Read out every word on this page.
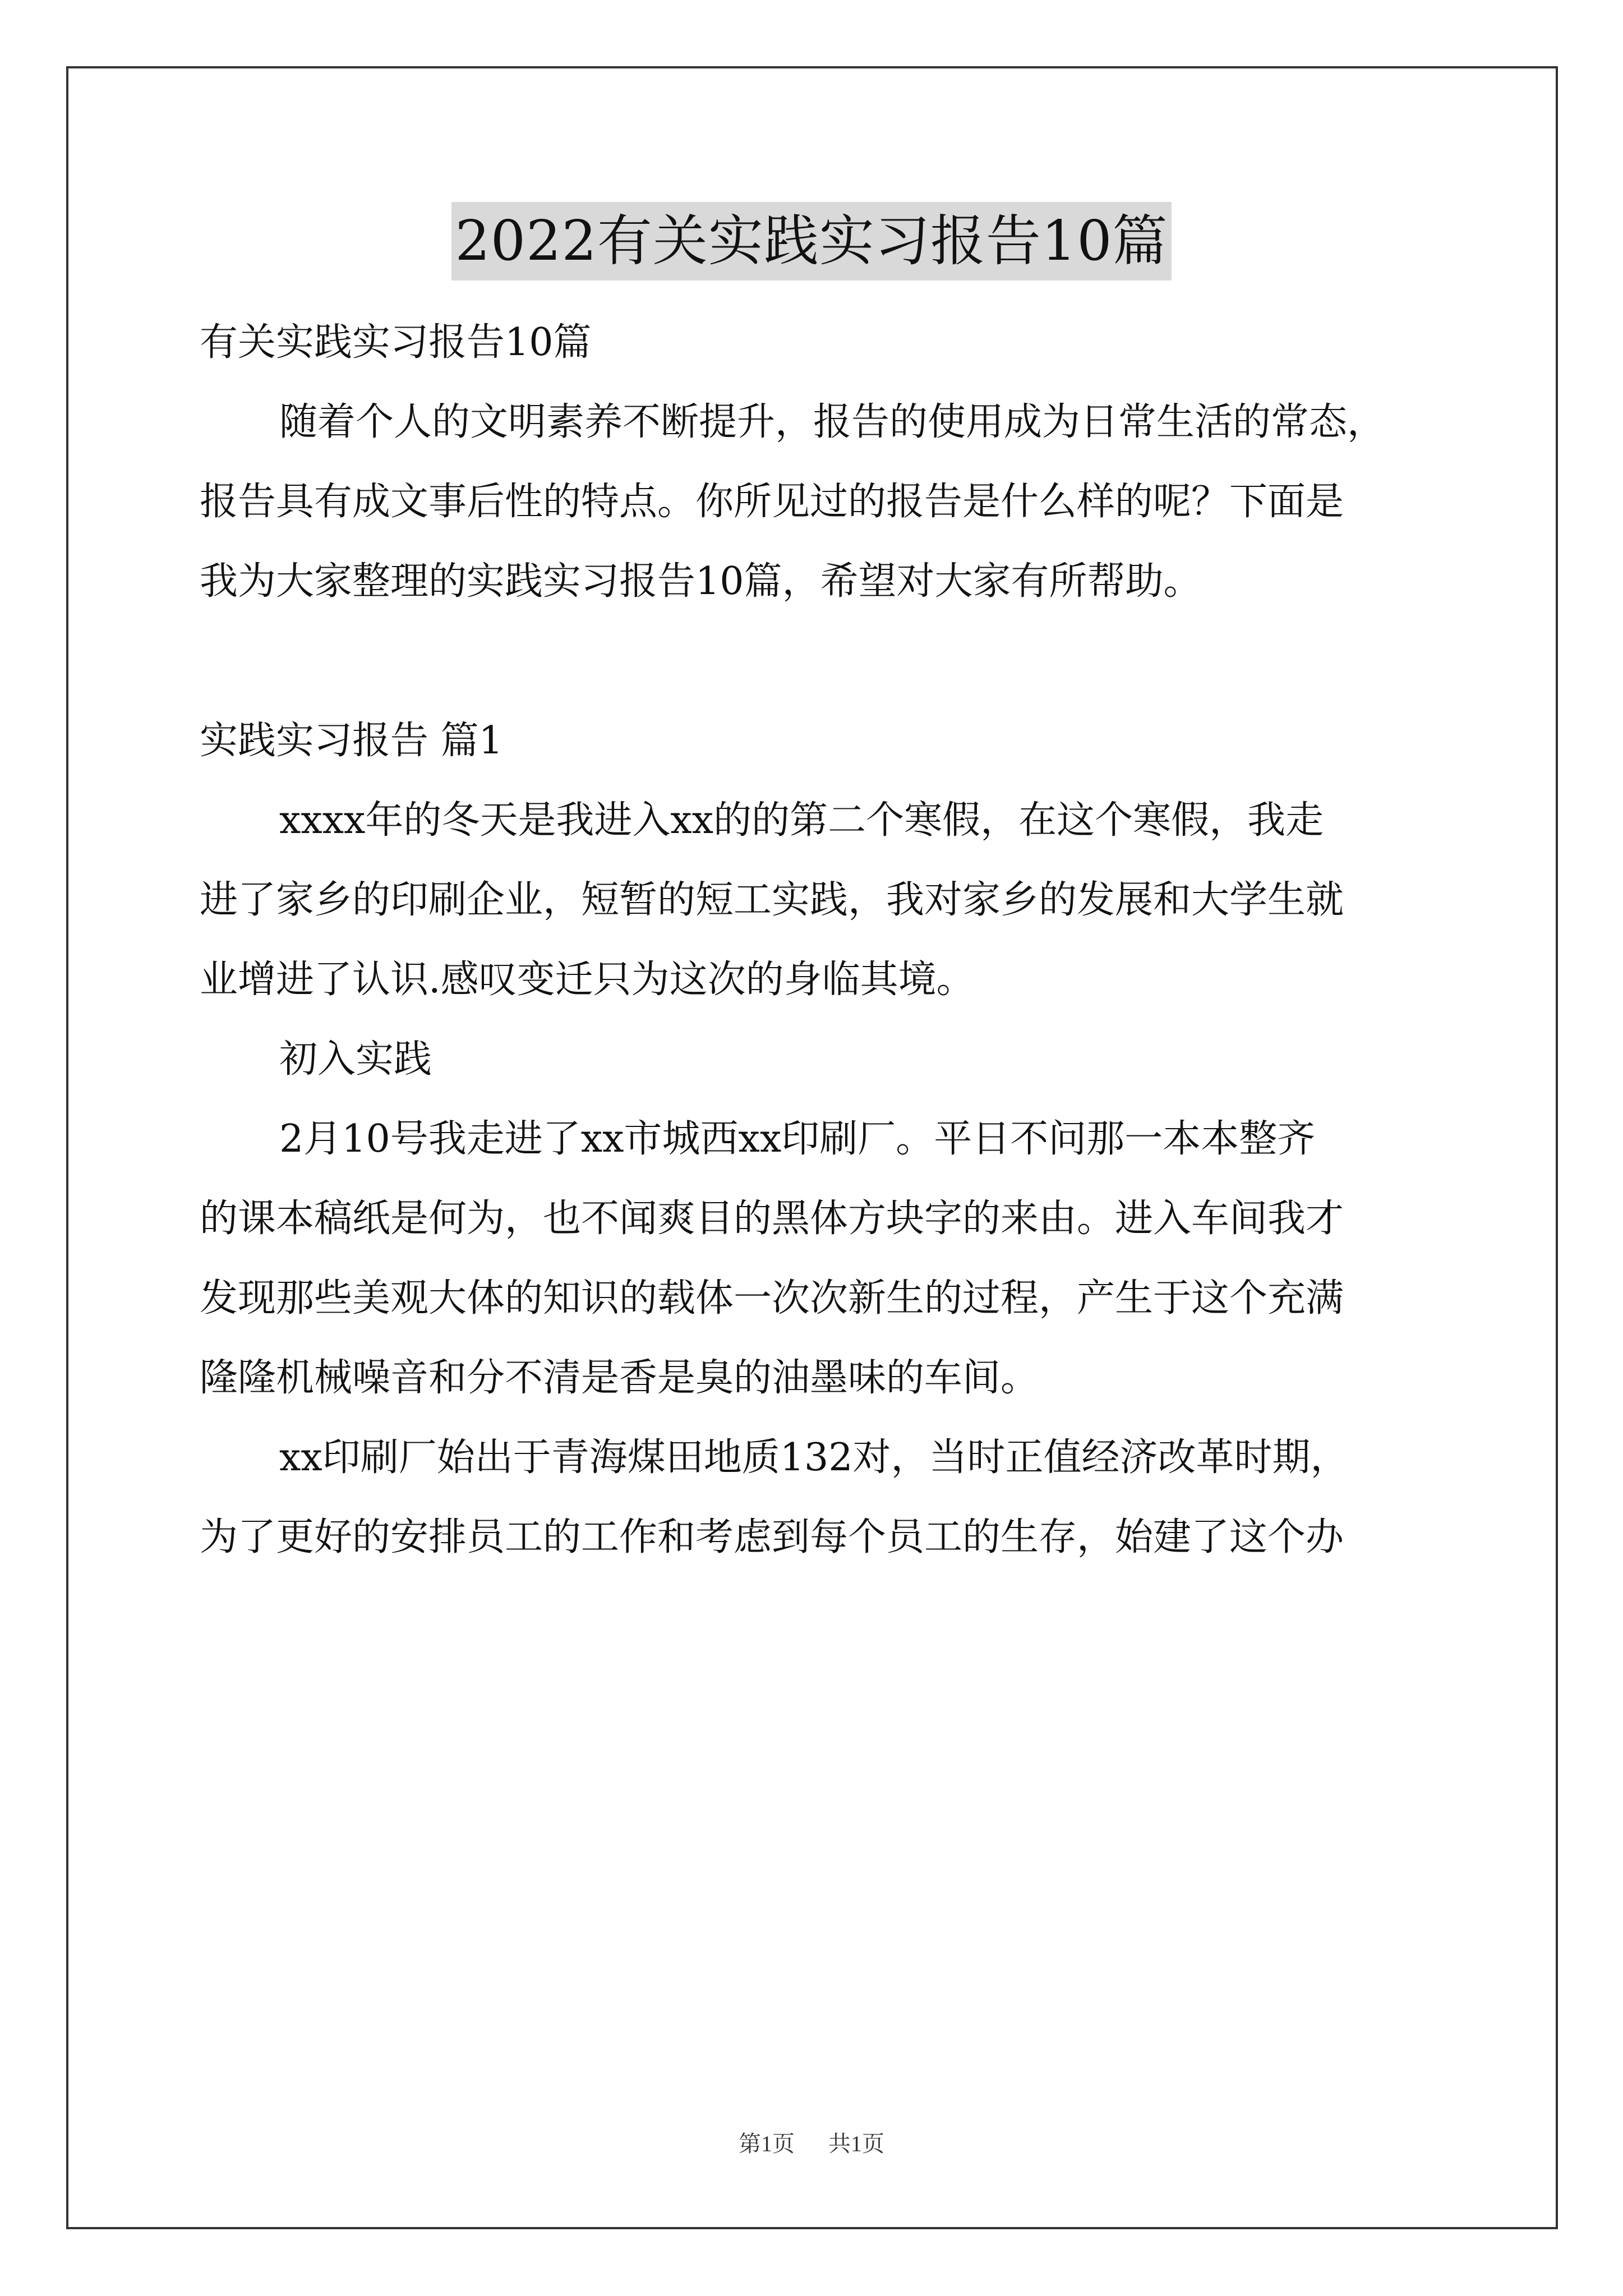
2022有关实践实习报告10篇

有关实践实习报告10篇

随着个人的文明素养不断提升，报告的使用成为日常生活的常态，

报告具有成文事后性的特点。你所见过的报告是什么样的呢？下面是

我为大家整理的实践实习报告10篇，希望对大家有所帮助。

实践实习报告 篇1

xxxx年的冬天是我进入xx的的第二个寒假，在这个寒假，我走

进了家乡的印刷企业，短暂的短工实践，我对家乡的发展和大学生就

业增进了认识.感叹变迁只为这次的身临其境。

初入实践

2月10号我走进了xx市城西xx印刷厂。平日不问那一本本整齐

的课本稿纸是何为，也不闻爽目的黑体方块字的来由。进入车间我才

发现那些美观大体的知识的载体一次次新生的过程，产生于这个充满

隆隆机械噪音和分不清是香是臭的油墨味的车间。

xx印刷厂始出于青海煤田地质132对，当时正值经济改革时期，

为了更好的安排员工的工作和考虑到每个员工的生存，始建了这个办

第1页 共1页
